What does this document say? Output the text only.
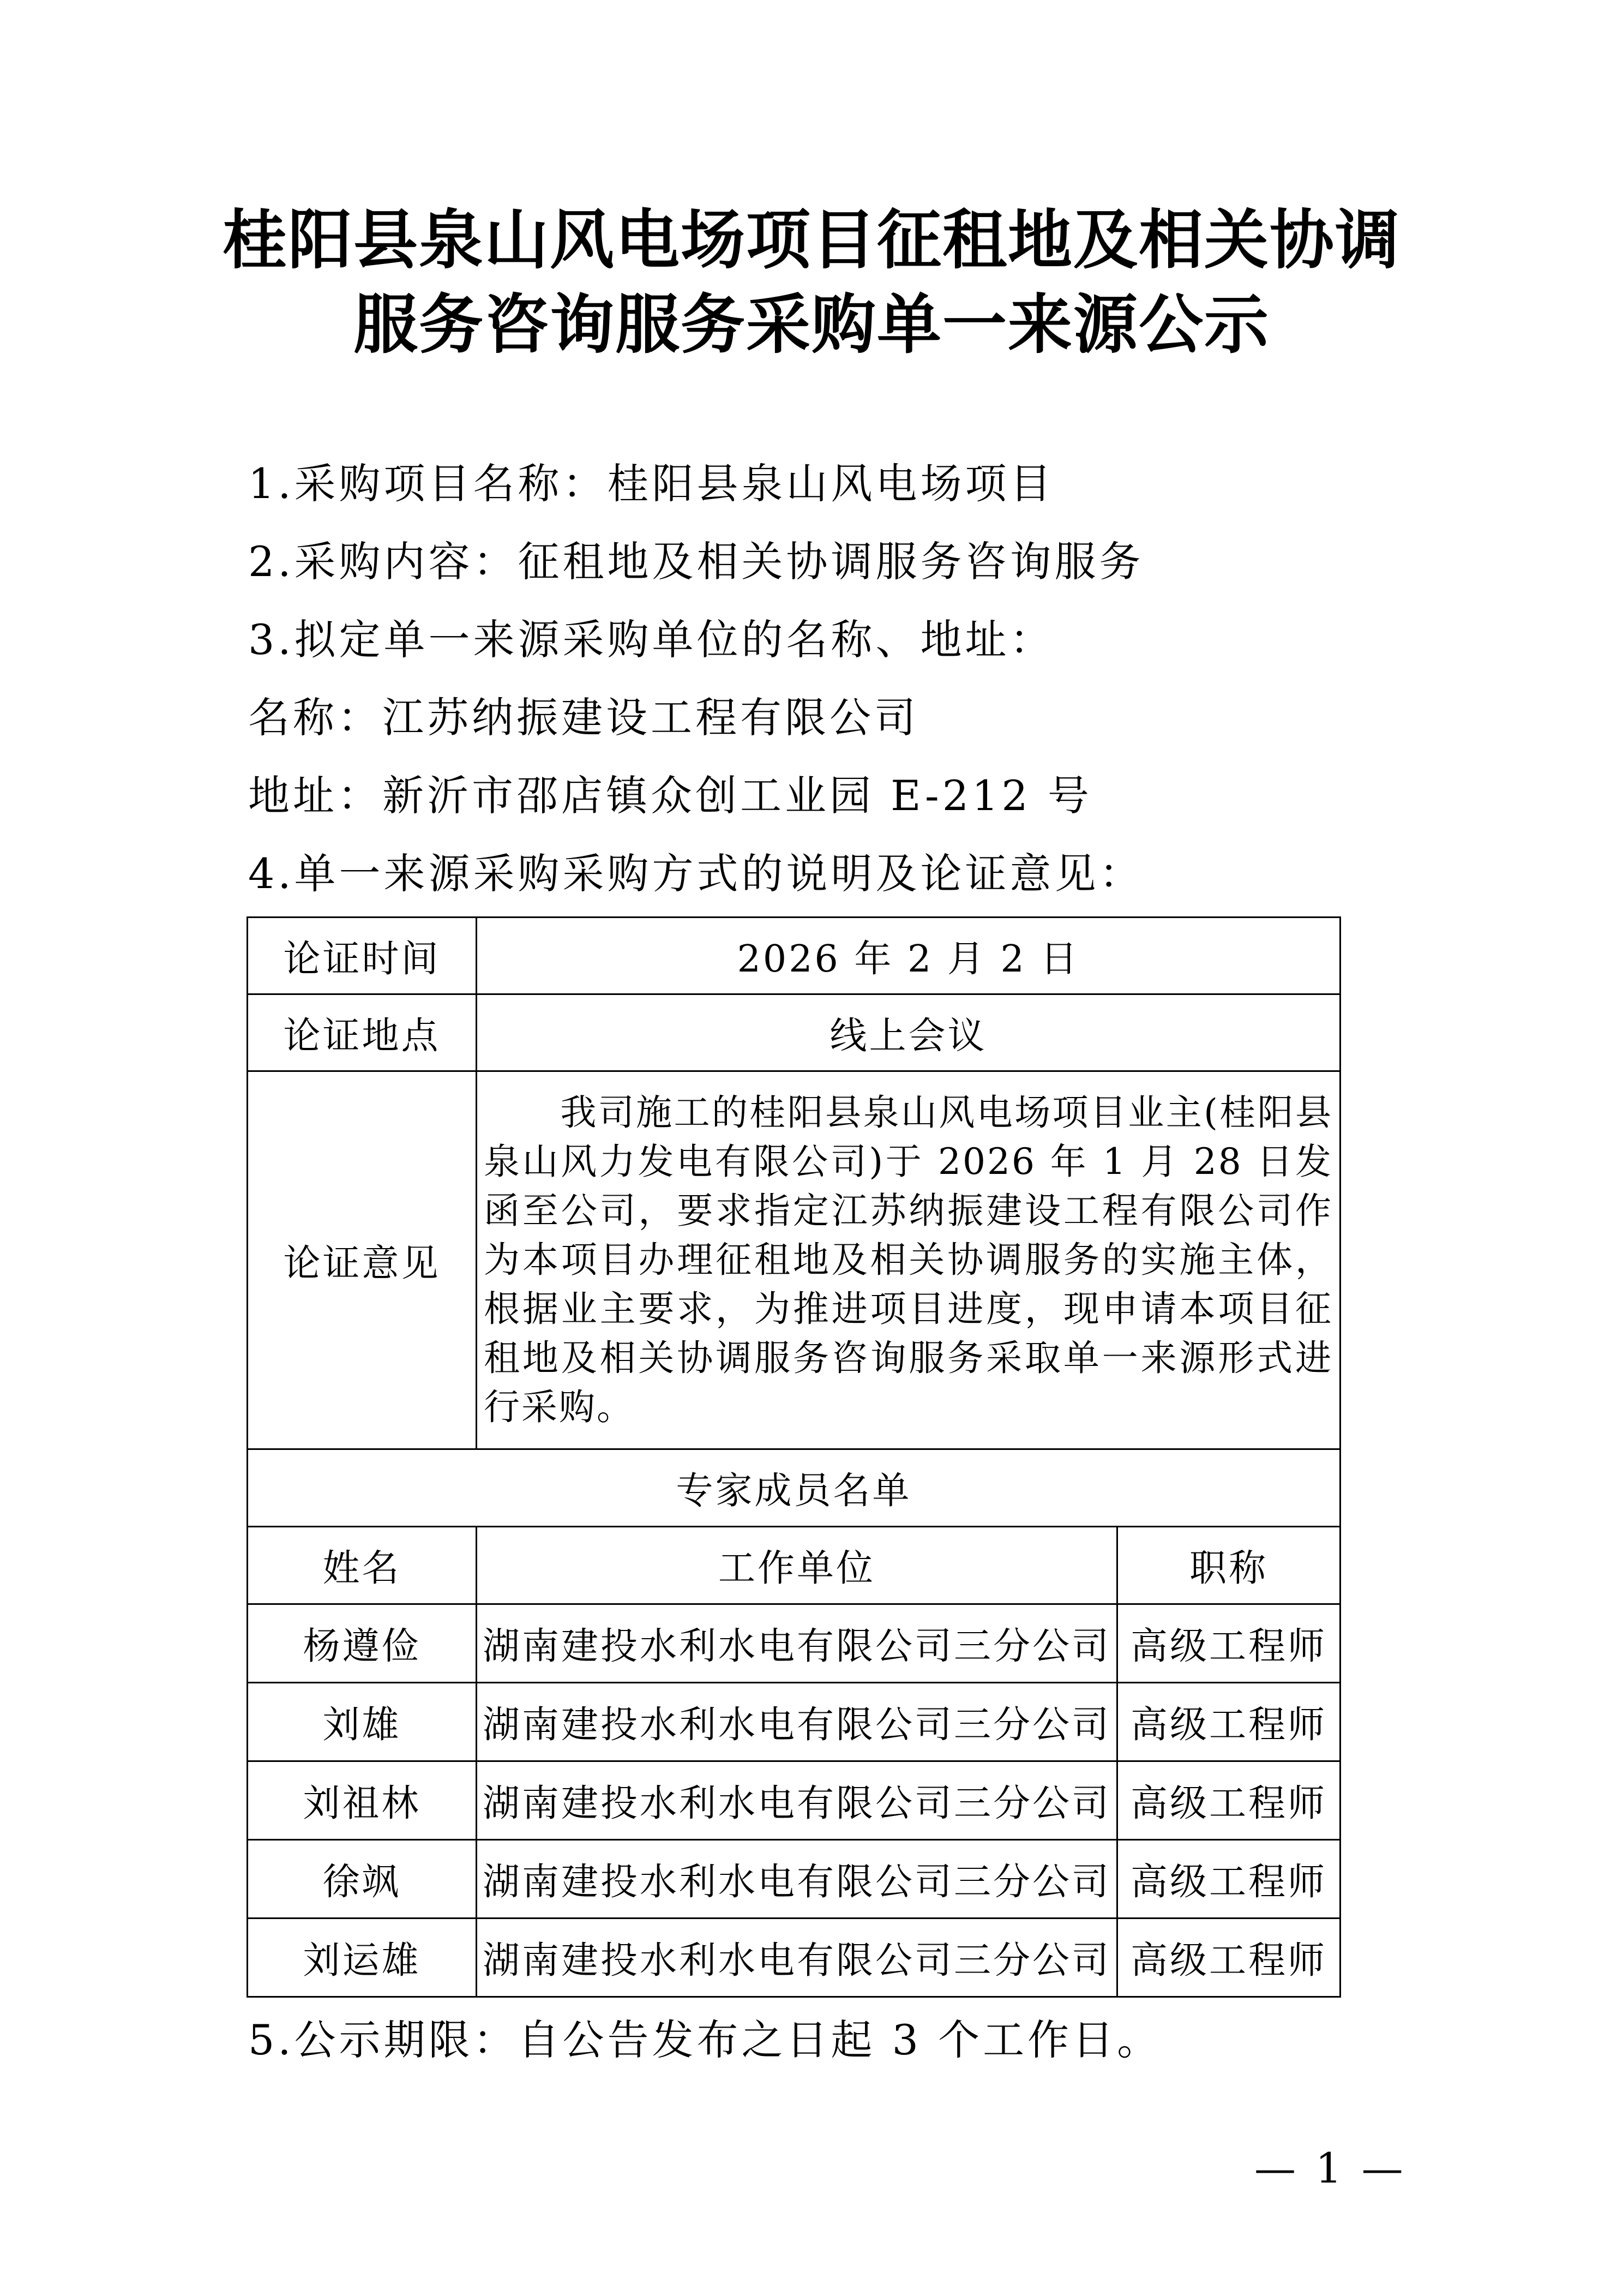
桂阳县泉山风电场项目征租地及相关协调
服务咨询服务采购单一来源公示
1.采购项目名称：桂阳县泉山风电场项目
2.采购内容：征租地及相关协调服务咨询服务
3.拟定单一来源采购单位的名称、地址：
名称：江苏纳振建设工程有限公司
地址：新沂市邵店镇众创工业园 E-212 号
4.单一来源采购采购方式的说明及论证意见：
论证时间	2026 年 2 月 2 日	
论证地点	线上会议	
论证意见	我司施工的桂阳县泉山风电场项目业主(桂阳县泉山风力发电有限公司)于 2026 年 1 月 28 日发函至公司，要求指定江苏纳振建设工程有限公司作为本项目办理征租地及相关协调服务的实施主体，根据业主要求，为推进项目进度，现申请本项目征租地及相关协调服务咨询服务采取单一来源形式进行采购。	
专家成员名单		
姓名	工作单位	职称
杨遵俭	湖南建投水利水电有限公司三分公司	高级工程师
刘雄	湖南建投水利水电有限公司三分公司	高级工程师
刘祖林	湖南建投水利水电有限公司三分公司	高级工程师
徐飒	湖南建投水利水电有限公司三分公司	高级工程师
刘运雄	湖南建投水利水电有限公司三分公司	高级工程师
5.公示期限：自公告发布之日起 3 个工作日。
— 1 —
